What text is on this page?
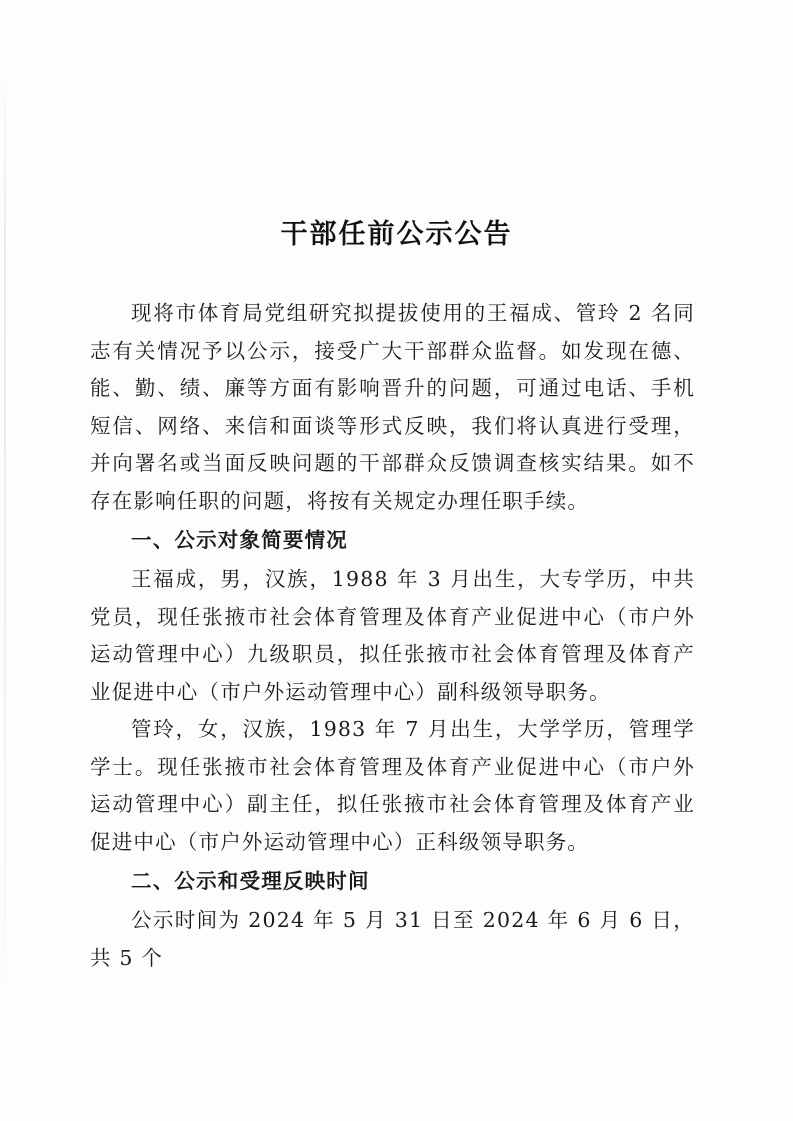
干部任前公示公告

现将市体育局党组研究拟提拔使用的王福成、管玲 2 名同志有关情况予以公示，接受广大干部群众监督。如发现在德、能、勤、绩、廉等方面有影响晋升的问题，可通过电话、手机短信、网络、来信和面谈等形式反映，我们将认真进行受理，并向署名或当面反映问题的干部群众反馈调查核实结果。如不存在影响任职的问题，将按有关规定办理任职手续。

一、公示对象简要情况

王福成，男，汉族，1988 年 3 月出生，大专学历，中共党员，现任张掖市社会体育管理及体育产业促进中心（市户外运动管理中心）九级职员，拟任张掖市社会体育管理及体育产业促进中心（市户外运动管理中心）副科级领导职务。

管玲，女，汉族，1983 年 7 月出生，大学学历，管理学学士。现任张掖市社会体育管理及体育产业促进中心（市户外运动管理中心）副主任，拟任张掖市社会体育管理及体育产业促进中心（市户外运动管理中心）正科级领导职务。

二、公示和受理反映时间

公示时间为 2024 年 5 月 31 日至 2024 年 6 月 6 日，共 5 个
